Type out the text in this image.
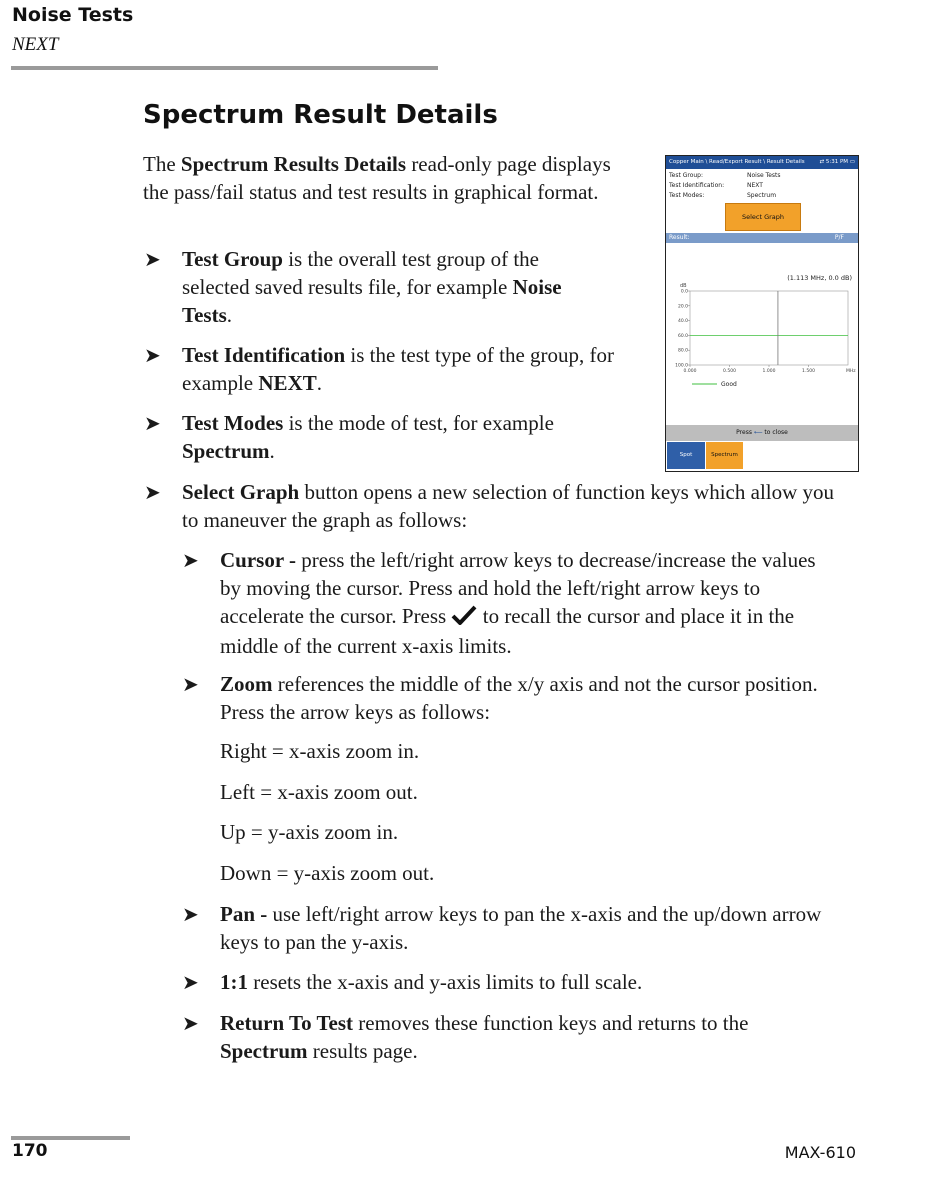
Noise Tests
NEXT
Spectrum Result Details

The Spectrum Results Details read-only page displays the pass/fail status and test results in graphical format.

➤ Test Group is the overall test group of the selected saved results file, for example Noise Tests.
➤ Test Identification is the test type of the group, for example NEXT.
➤ Test Modes is the mode of test, for example Spectrum.
➤ Select Graph button opens a new selection of function keys which allow you to maneuver the graph as follows:
➤ Cursor - press the left/right arrow keys to decrease/increase the values by moving the cursor. Press and hold the left/right arrow keys to accelerate the cursor. Press  to recall the cursor and place it in the middle of the current x-axis limits.
➤ Zoom references the middle of the x/y axis and not the cursor position. Press the arrow keys as follows:
Right = x-axis zoom in.
Left = x-axis zoom out.
Up = y-axis zoom in.
Down = y-axis zoom out.
➤ Pan - use left/right arrow keys to pan the x-axis and the up/down arrow keys to pan the y-axis.
➤ 1:1 resets the x-axis and y-axis limits to full scale.
➤ Return To Test removes these function keys and returns to the Spectrum results page.
Copper Main \ Read/Export Result \ Result Details	⇄ 5:31 PM ▭
Test Group:	Noise Tests
Test Identification:	NEXT
Test Modes:	Spectrum
Select Graph
Result:	P/F
(1.113 MHz, 0.0 dB)
dB
0.0
20.0
40.0
60.0
80.0
100.0
0.000	0.500	1.000	1.500	MHz
Good
Press ⟵ to close
Spot	Spectrum
170	MAX-610
